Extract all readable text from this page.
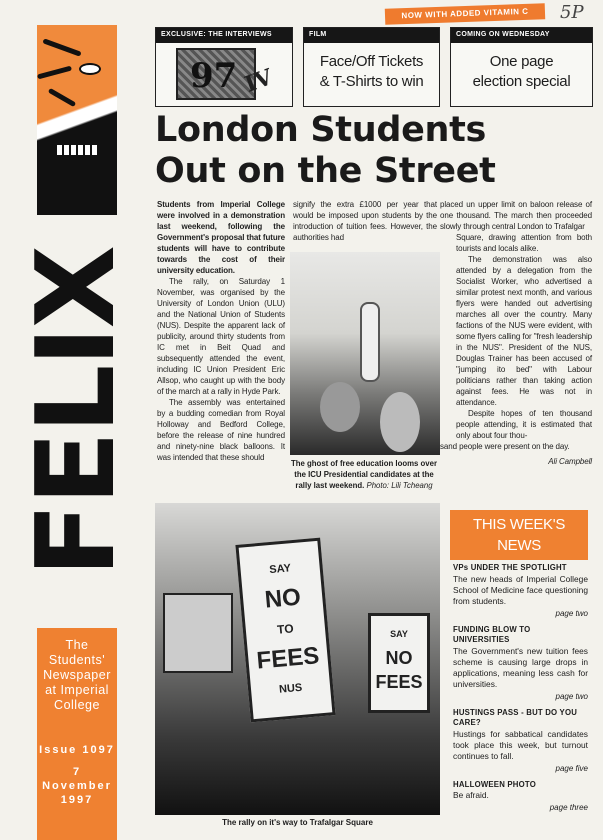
5P
NOW WITH ADDED VITAMIN C
FELIX
The Students' Newspaper at Imperial College
Issue 1097
7
November
1997
EXCLUSIVE: THE INTERVIEWS
97 IV
FILM
Face/Off Tickets
& T-Shirts to win
COMING ON WEDNESDAY
One page
election special
London Students
Out on the Street

Students from Imperial College were involved in a demonstration last weekend, following the Government's proposal that future students will have to contribute towards the cost of their university education.

The rally, on Saturday 1 November, was organised by the University of London Union (ULU) and the National Union of Students (NUS). Despite the apparent lack of publicity, around thirty students from IC met in Beit Quad and subsequently attended the event, including IC Union President Eric Allsop, who caught up with the body of the march at a rally in Hyde Park.

The assembly was entertained by a budding comedian from Royal Holloway and Bedford College, before the release of nine hundred and ninety-nine black balloons. It was intended that these should

signify the extra £1000 per year that would be imposed upon students by the introduction of tuition fees. However, the authorities had

The ghost of free education looms over the ICU Presidential candidates at the rally last weekend. Photo: Lili Tcheang

placed un upper limit on baloon release of one thousand. The march then proceeded slowly through central London to Trafalgar

Square, drawing attention from both tourists and locals alike.

The demonstration was also attended by a delegation from the Socialist Worker, who advertised a similar protest next month, and various flyers were handed out advertising marches all over the country. Many factions of the NUS were evident, with some flyers calling for "fresh leadership in the NUS". President of the NUS, Douglas Trainer has been accused of "jumping ito bed" with Labour politicians rather than taking action against fees. He was not in attendance.

Despite hopes of ten thousand people attending, it is estimated that only about four thou-

sand people were present on the day.

Ali Campbell
SAY
NO
TO
FEES
NUS
SAY
NO
FEES
The rally on it's way to Trafalgar Square
THIS WEEK'S
NEWS
VPs UNDER THE SPOTLIGHT

The new heads of Imperial College School of Medicine face questioning from students.

page two
FUNDING BLOW TO UNIVERSITIES

The Government's new tuition fees scheme is causing large drops in applications, meaning less cash for universities.

page two
HUSTINGS PASS - BUT DO YOU CARE?

Hustings for sabbatical candidates took place this week, but turnout continues to fall.

page five
HALLOWEEN PHOTO

Be afraid.

page three
